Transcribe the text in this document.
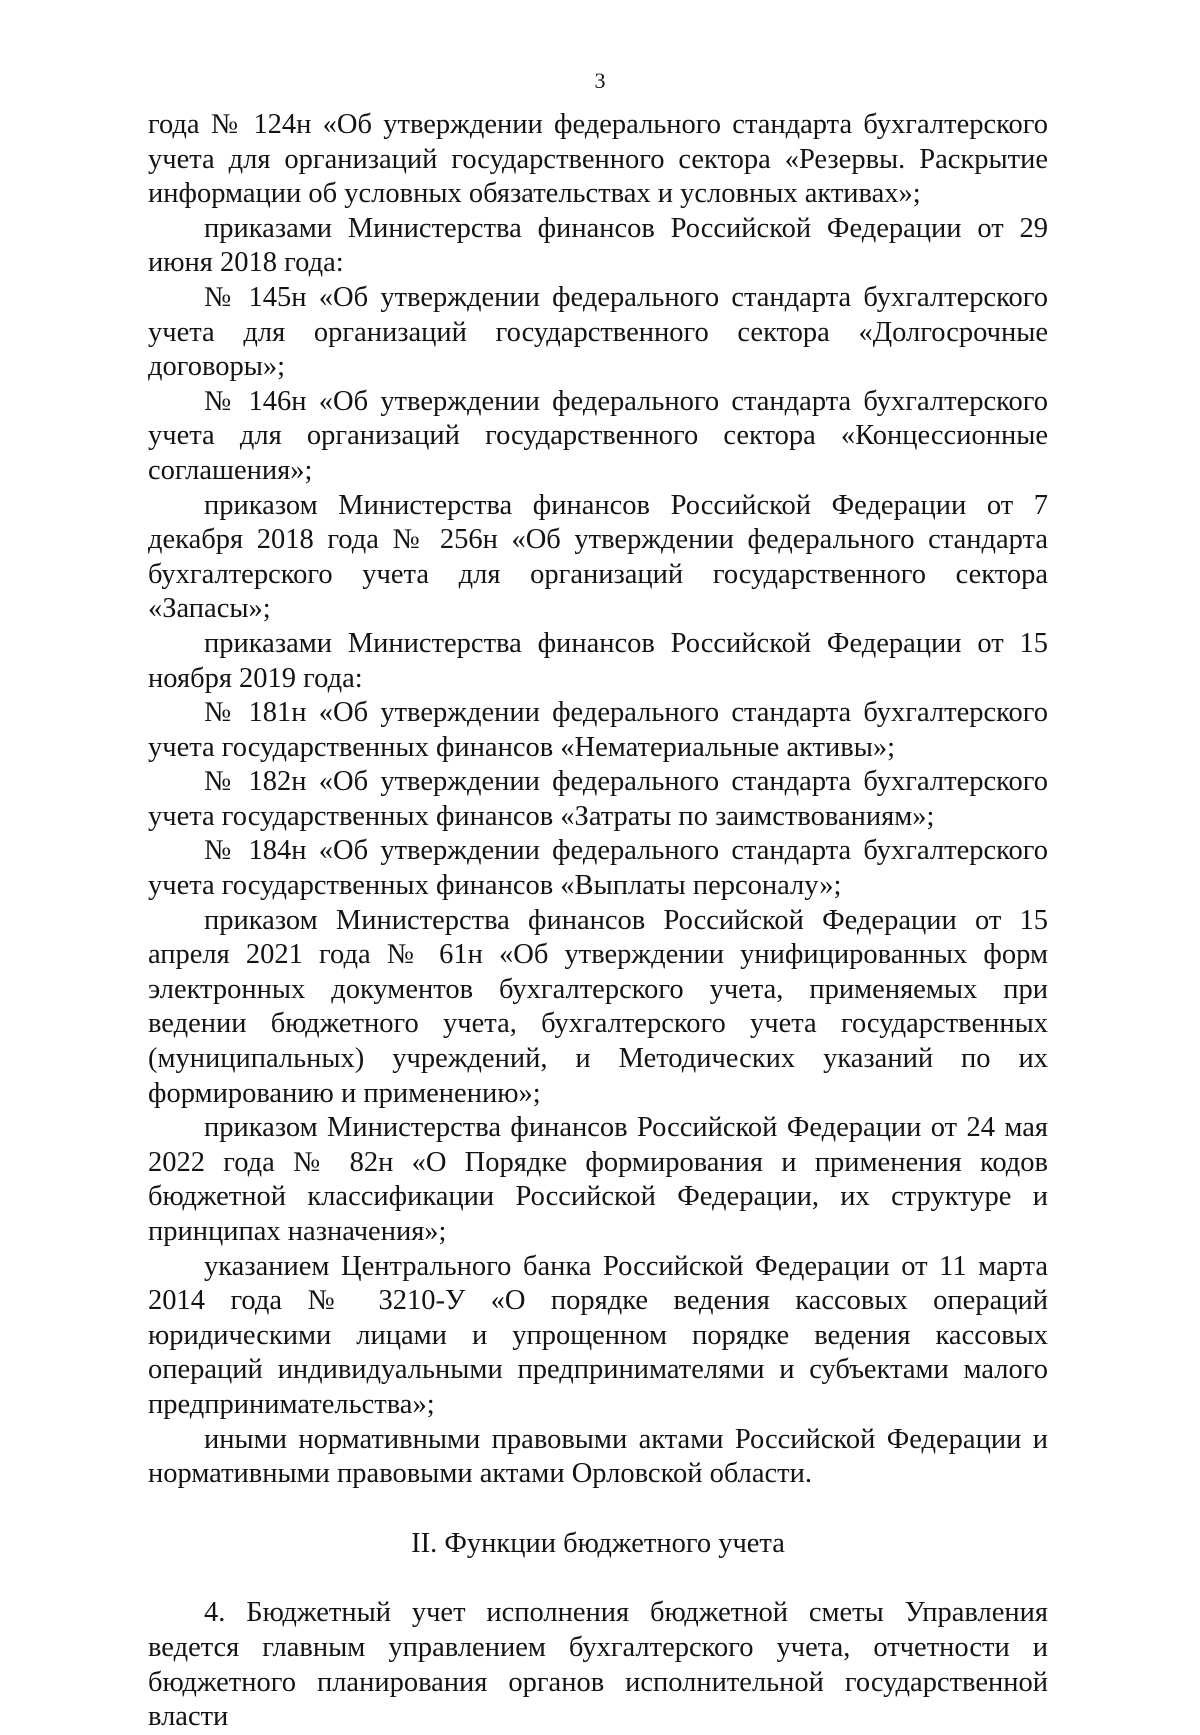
3

года № 124н «Об утверждении федерального стандарта бухгалтерского учета для организаций государственного сектора «Резервы. Раскрытие информации об условных обязательствах и условных активах»;

приказами Министерства финансов Российской Федерации от 29 июня 2018 года:

№ 145н «Об утверждении федерального стандарта бухгалтерского учета для организаций государственного сектора «Долгосрочные договоры»;

№ 146н «Об утверждении федерального стандарта бухгалтерского учета для организаций государственного сектора «Концессионные соглашения»;

приказом Министерства финансов Российской Федерации от 7 декабря 2018 года № 256н «Об утверждении федерального стандарта бухгалтерского учета для организаций государственного сектора «Запасы»;

приказами Министерства финансов Российской Федерации от 15 ноября 2019 года:

№ 181н «Об утверждении федерального стандарта бухгалтерского учета государственных финансов «Нематериальные активы»;

№ 182н «Об утверждении федерального стандарта бухгалтерского учета государственных финансов «Затраты по заимствованиям»;

№ 184н «Об утверждении федерального стандарта бухгалтерского учета государственных финансов «Выплаты персоналу»;

приказом Министерства финансов Российской Федерации от 15 апреля 2021 года № 61н «Об утверждении унифицированных форм электронных документов бухгалтерского учета, применяемых при ведении бюджетного учета, бухгалтерского учета государственных (муниципальных) учреждений, и Методических указаний по их формированию и применению»;

приказом Министерства финансов Российской Федерации от 24 мая 2022 года № 82н «О Порядке формирования и применения кодов бюджетной классификации Российской Федерации, их структуре и принципах назначения»;

указанием Центрального банка Российской Федерации от 11 марта 2014 года № 3210-У «О порядке ведения кассовых операций юридическими лицами и упрощенном порядке ведения кассовых операций индивидуальными предпринимателями и субъектами малого предпринимательства»;

иными нормативными правовыми актами Российской Федерации и нормативными правовыми актами Орловской области.

II. Функции бюджетного учета

4. Бюджетный учет исполнения бюджетной сметы Управления ведется главным управлением бухгалтерского учета, отчетности и бюджетного планирования органов исполнительной государственной власти
